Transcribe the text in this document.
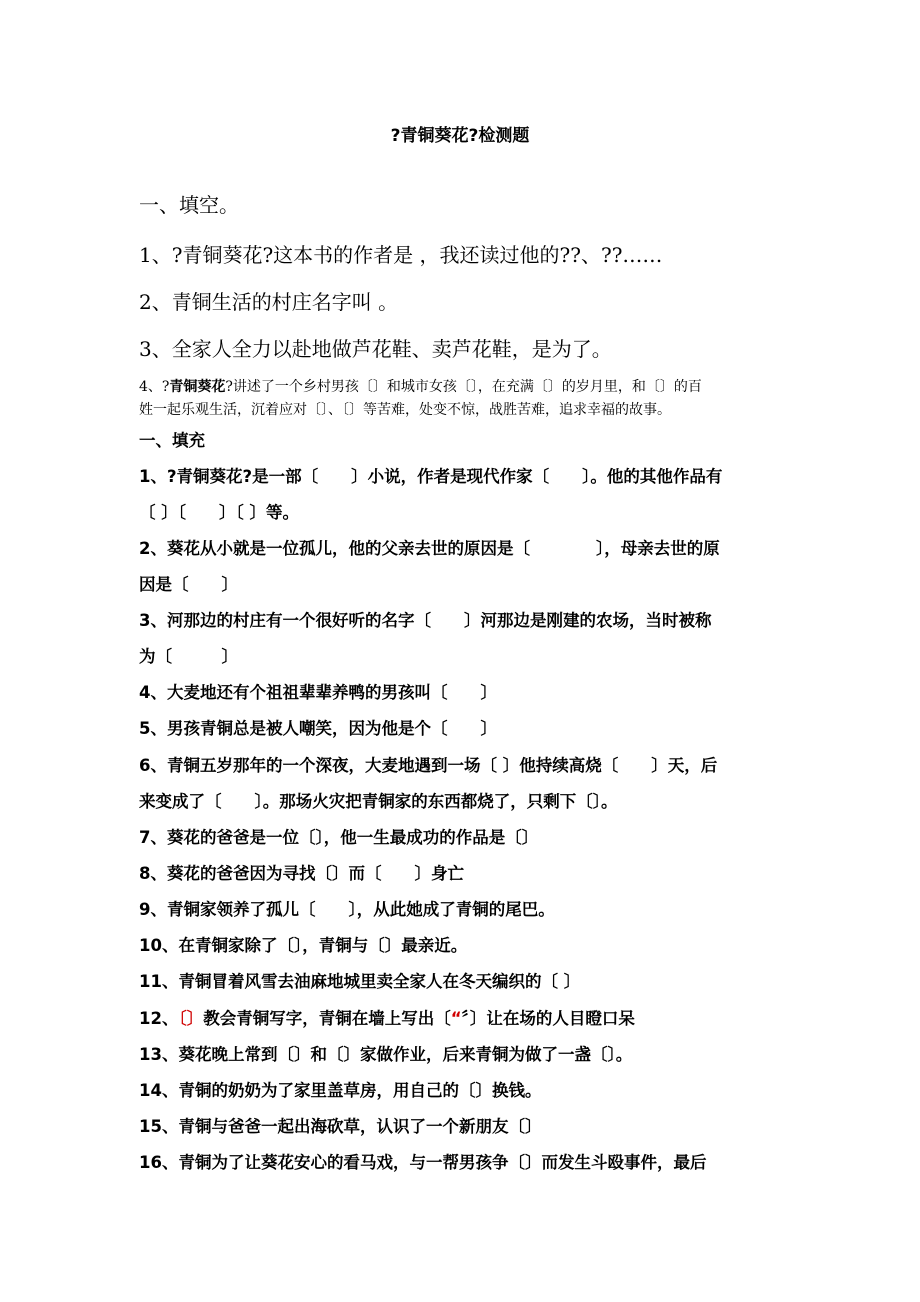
?青铜葵花?检测题
一、填空。
1、?青铜葵花?这本书的作者是 ，我还读过他的??、??……
2、青铜生活的村庄名字叫 。
3、全家人全力以赴地做芦花鞋、卖芦花鞋，是为了。
4、?青铜葵花?讲述了一个乡村男孩〔〕和城市女孩〔〕，在充满〔〕的岁月里，和〔〕的百
姓一起乐观生活，沉着应对〔〕、〔〕等苦难，处变不惊，战胜苦难，追求幸福的故事。
一、填充
1、?青铜葵花?是一部〔　　〕小说，作者是现代作家〔　　〕。他的其他作品有
〔 〕〔　　〕〔 〕等。
2、葵花从小就是一位孤儿，他的父亲去世的原因是〔　　　　〕，母亲去世的原
因是〔　　〕
3、河那边的村庄有一个很好听的名字〔　　〕河那边是刚建的农场，当时被称
为〔　　　〕
4、大麦地还有个祖祖辈辈养鸭的男孩叫〔　　〕
5、男孩青铜总是被人嘲笑，因为他是个〔　　〕
6、青铜五岁那年的一个深夜，大麦地遇到一场〔 〕他持续高烧〔　　〕天，后
来变成了〔　　〕。那场火灾把青铜家的东西都烧了，只剩下〔〕。
7、葵花的爸爸是一位〔〕，他一生最成功的作品是〔〕
8、葵花的爸爸因为寻找〔〕而〔　　〕身亡
9、青铜家领养了孤儿〔　　〕，从此她成了青铜的尾巴。
10、在青铜家除了〔〕，青铜与〔〕最亲近。
11、青铜冒着风雪去油麻地城里卖全家人在冬天编织的〔 〕
12、〔〕教会青铜写字，青铜在墙上写出〔“〞〕让在场的人目瞪口呆
13、葵花晚上常到〔〕和〔〕家做作业，后来青铜为做了一盏〔〕。
14、青铜的奶奶为了家里盖草房，用自己的〔〕换钱。
15、青铜与爸爸一起出海砍草，认识了一个新朋友〔〕
16、青铜为了让葵花安心的看马戏，与一帮男孩争〔〕而发生斗殴事件，最后
